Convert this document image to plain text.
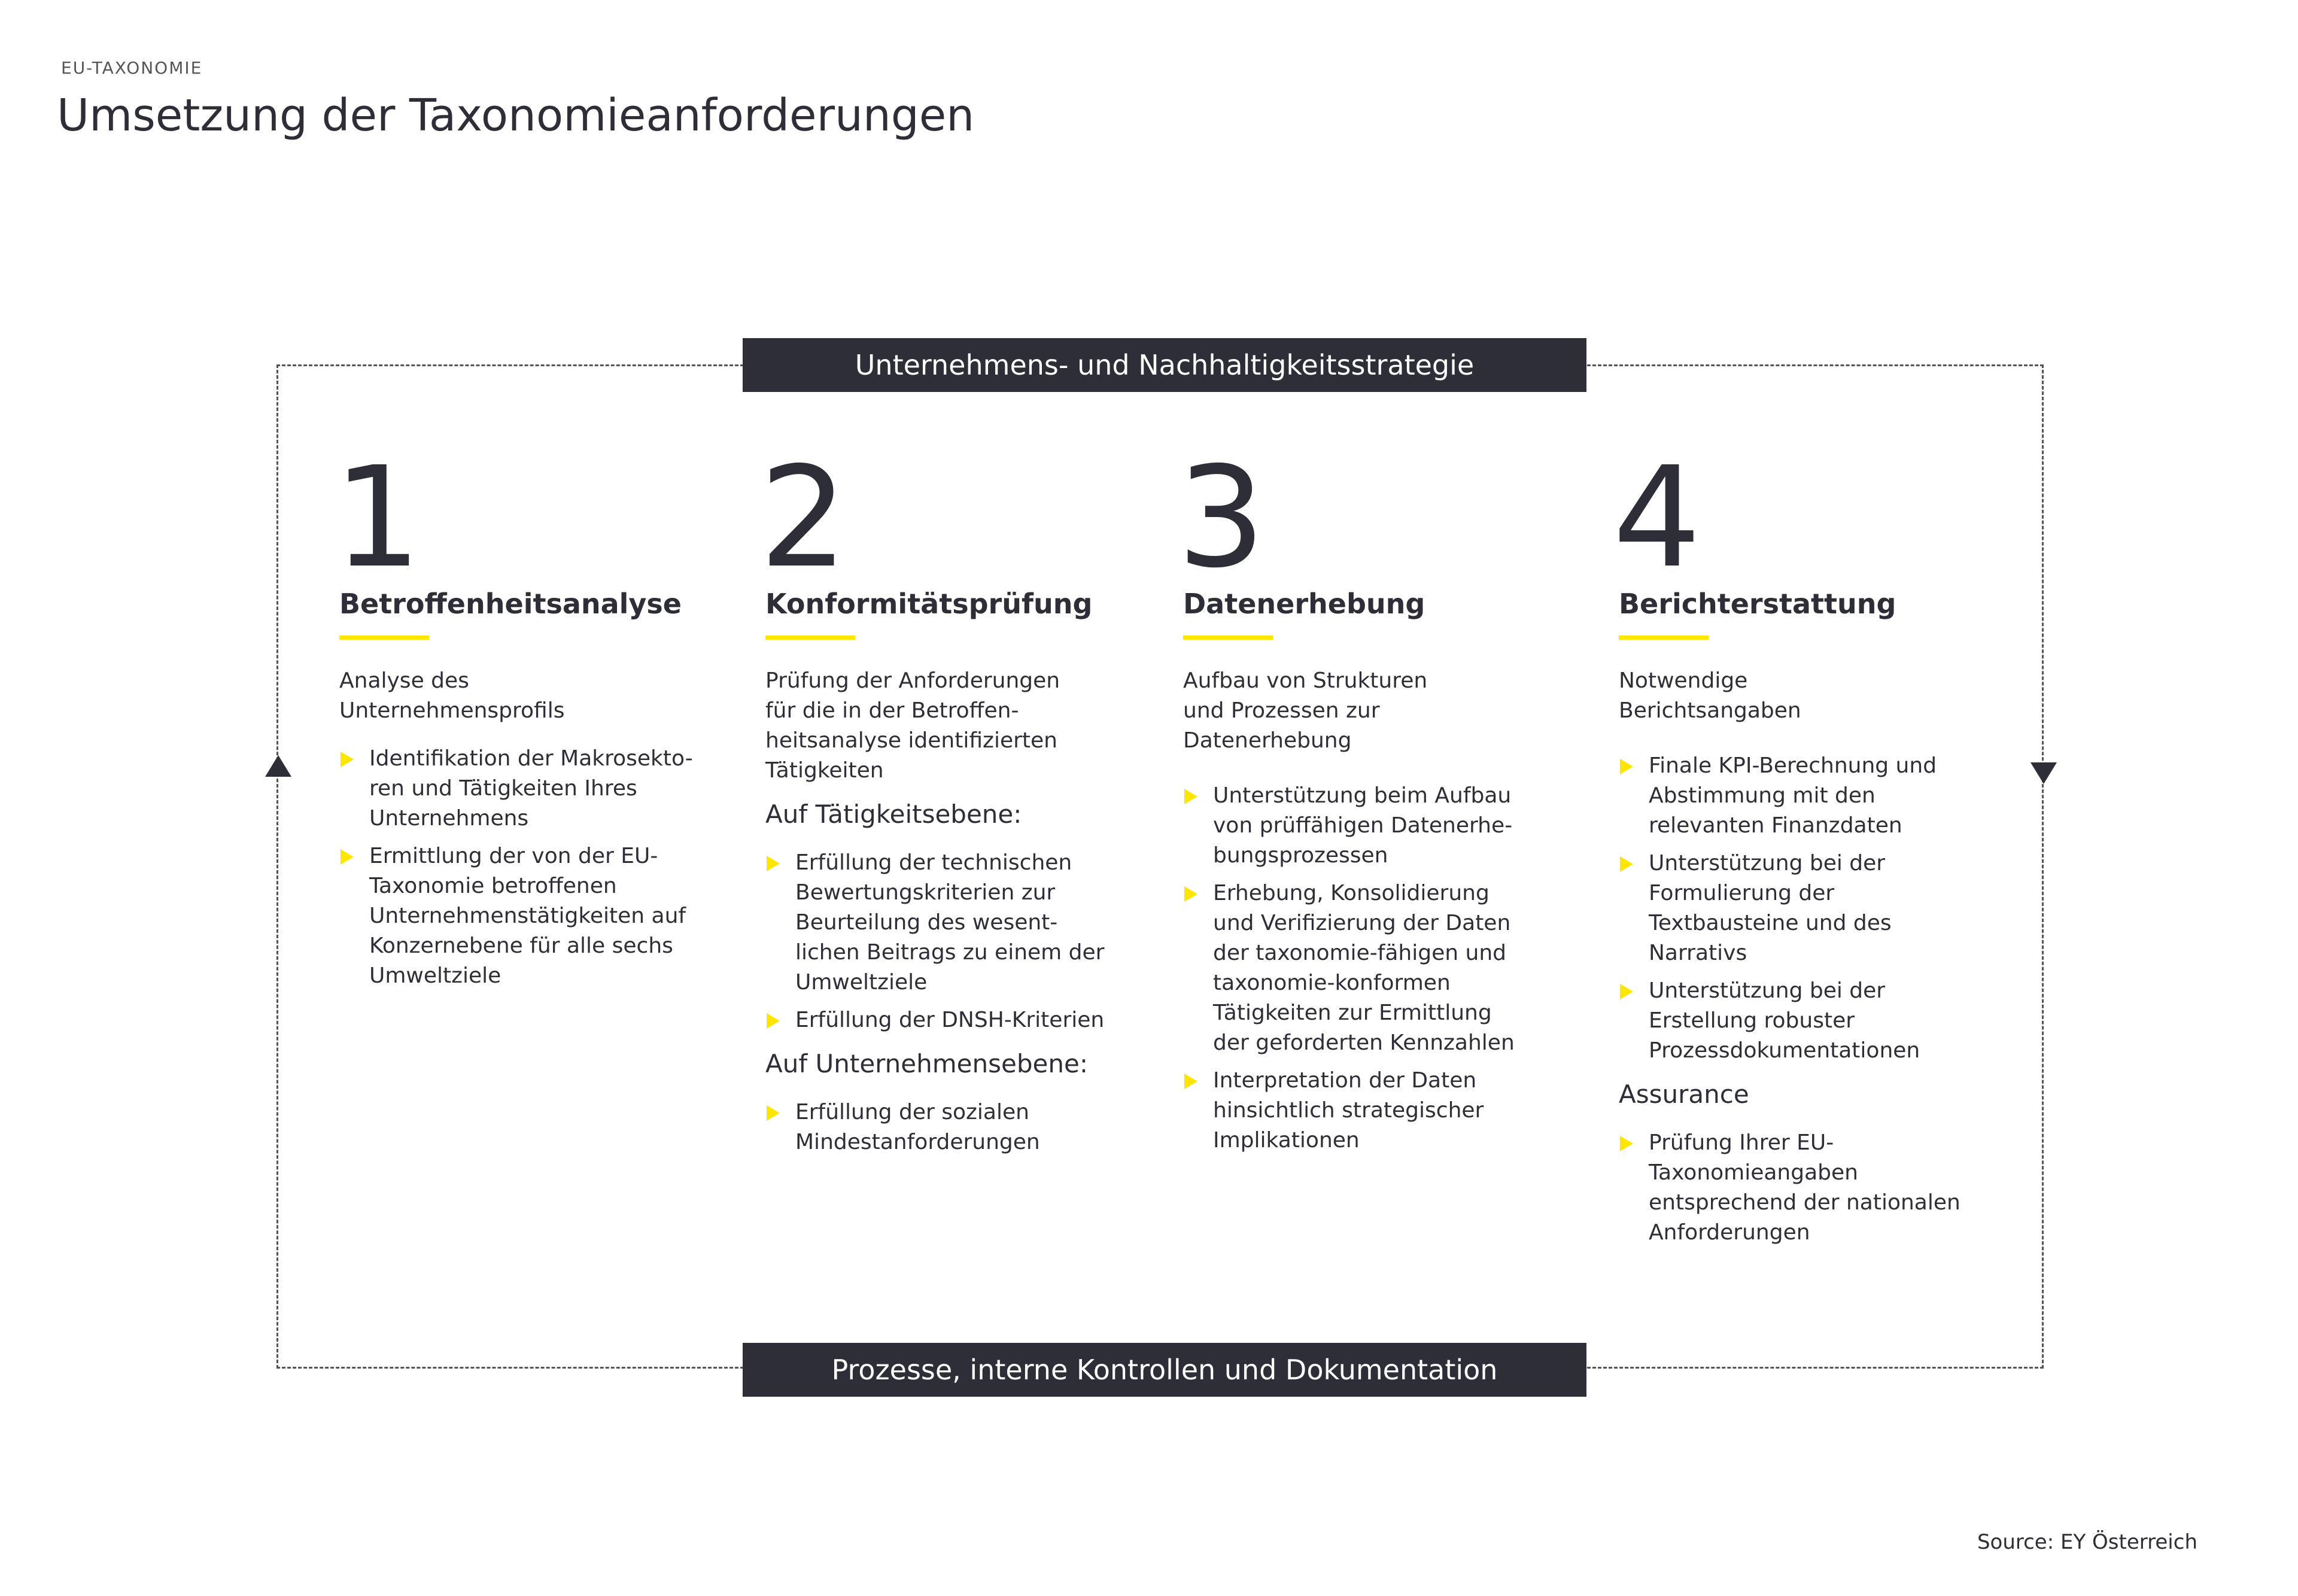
EU-TAXONOMIE
Umsetzung der Taxonomieanforderungen
Unternehmens- und Nachhaltigkeitsstrategie
Prozesse, interne Kontrollen und Dokumentation
1
Betroffenheitsanalyse
Analyse des Unternehmensprofils
Identifikation der Makrosekto-ren und Tätigkeiten Ihres Unternehmens
Ermittlung der von der EU-Taxonomie betroffenen Unternehmenstätigkeiten auf Konzernebene für alle sechs Umweltziele
2
Konformitätsprüfung
Prüfung der Anforderungen für die in der Betroffen-heitsanalyse identifizierten Tätigkeiten
Auf Tätigkeitsebene:
Erfüllung der technischen Bewertungskriterien zur Beurteilung des wesent-lichen Beitrags zu einem der Umweltziele
Erfüllung der DNSH-Kriterien
Auf Unternehmensebene:
Erfüllung der sozialen Mindestanforderungen
3
Datenerhebung
Aufbau von Strukturen und Prozessen zur Datenerhebung
Unterstützung beim Aufbau von prüffähigen Datenerhe-bungsprozessen
Erhebung, Konsolidierung und Verifizierung der Daten der taxonomie-fähigen und taxonomie-konformen Tätigkeiten zur Ermittlung der geforderten Kennzahlen
Interpretation der Daten hinsichtlich strategischer Implikationen
4
Berichterstattung
Notwendige Berichtsangaben
Finale KPI-Berechnung und Abstimmung mit den relevanten Finanzdaten
Unterstützung bei der Formulierung der Textbausteine und des Narrativs
Unterstützung bei der Erstellung robuster Prozessdokumentationen
Assurance
Prüfung Ihrer EU-Taxonomieangaben entsprechend der nationalen Anforderungen
Source: EY Österreich
